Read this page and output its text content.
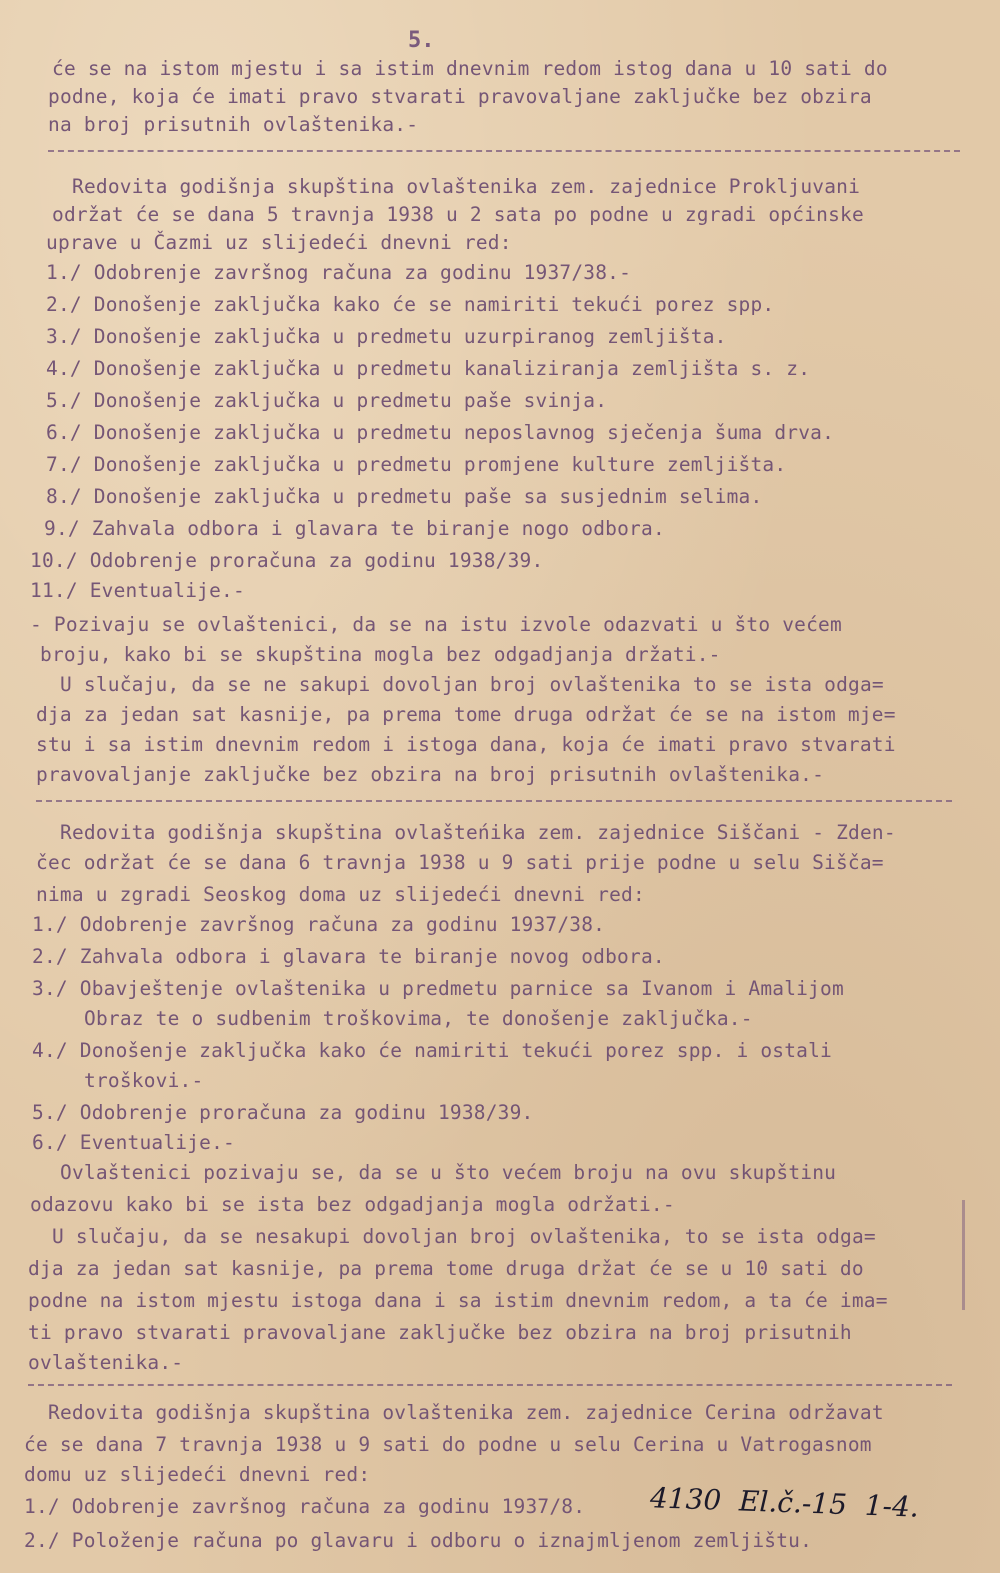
5.
će se na istom mjestu i sa istim dnevnim redom istog dana u 10 sati do
podne, koja će imati pravo stvarati pravovaljane zaključke bez obzira
na broj prisutnih ovlaštenika.-
Redovita godišnja skupština ovlaštenika zem. zajednice Prokljuvani
održat će se dana 5 travnja 1938 u 2 sata po podne u zgradi općinske
uprave u Čazmi uz slijedeći dnevni red:
1./ Odobrenje završnog računa za godinu 1937/38.-
2./ Donošenje zaključka kako će se namiriti tekući porez spp.
3./ Donošenje zaključka u predmetu uzurpiranog zemljišta.
4./ Donošenje zaključka u predmetu kanaliziranja zemljišta s. z.
5./ Donošenje zaključka u predmetu paše svinja.
6./ Donošenje zaključka u predmetu neposlavnog sječenja šuma drva.
7./ Donošenje zaključka u predmetu promjene kulture zemljišta.
8./ Donošenje zaključka u predmetu paše sa susjednim selima.
9./ Zahvala odbora i glavara te biranje nogo odbora.
10./ Odobrenje proračuna za godinu 1938/39.
11./ Eventualije.-
- Pozivaju se ovlaštenici, da se na istu izvole odazvati u što većem
broju, kako bi se skupština mogla bez odgadjanja držati.-
U slučaju, da se ne sakupi dovoljan broj ovlaštenika to se ista odga=
dja za jedan sat kasnije, pa prema tome druga održat će se na istom mje=
stu i sa istim dnevnim redom i istoga dana, koja će imati pravo stvarati
pravovaljanje zaključke bez obzira na broj prisutnih ovlaštenika.-
Redovita godišnja skupština ovlašteńika zem. zajednice Siščani - Zden-
čec održat će se dana 6 travnja 1938 u 9 sati prije podne u selu Sišča=
nima u zgradi Seoskog doma uz slijedeći dnevni red:
1./ Odobrenje završnog računa za godinu 1937/38.
2./ Zahvala odbora i glavara te biranje novog odbora.
3./ Obavještenje ovlaštenika u predmetu parnice sa Ivanom i Amalijom
Obraz te o sudbenim troškovima, te donošenje zaključka.-
4./ Donošenje zaključka kako će namiriti tekući porez spp. i ostali
troškovi.-
5./ Odobrenje proračuna za godinu 1938/39.
6./ Eventualije.-
Ovlaštenici pozivaju se, da se u što većem broju na ovu skupštinu
odazovu kako bi se ista bez odgadjanja mogla održati.-
U slučaju, da se nesakupi dovoljan broj ovlaštenika, to se ista odga=
dja za jedan sat kasnije, pa prema tome druga držat će se u 10 sati do
podne na istom mjestu istoga dana i sa istim dnevnim redom, a ta će ima=
ti pravo stvarati pravovaljane zaključke bez obzira na broj prisutnih
ovlaštenika.-
Redovita godišnja skupština ovlaštenika zem. zajednice Cerina održavat
će se dana 7 travnja 1938 u 9 sati do podne u selu Cerina u Vatrogasnom
domu uz slijedeći dnevni red:
1./ Odobrenje završnog računa za godinu 1937/8.
2./ Položenje računa po glavaru i odboru o iznajmljenom zemljištu.
4130  El.č.-15  1-4.
